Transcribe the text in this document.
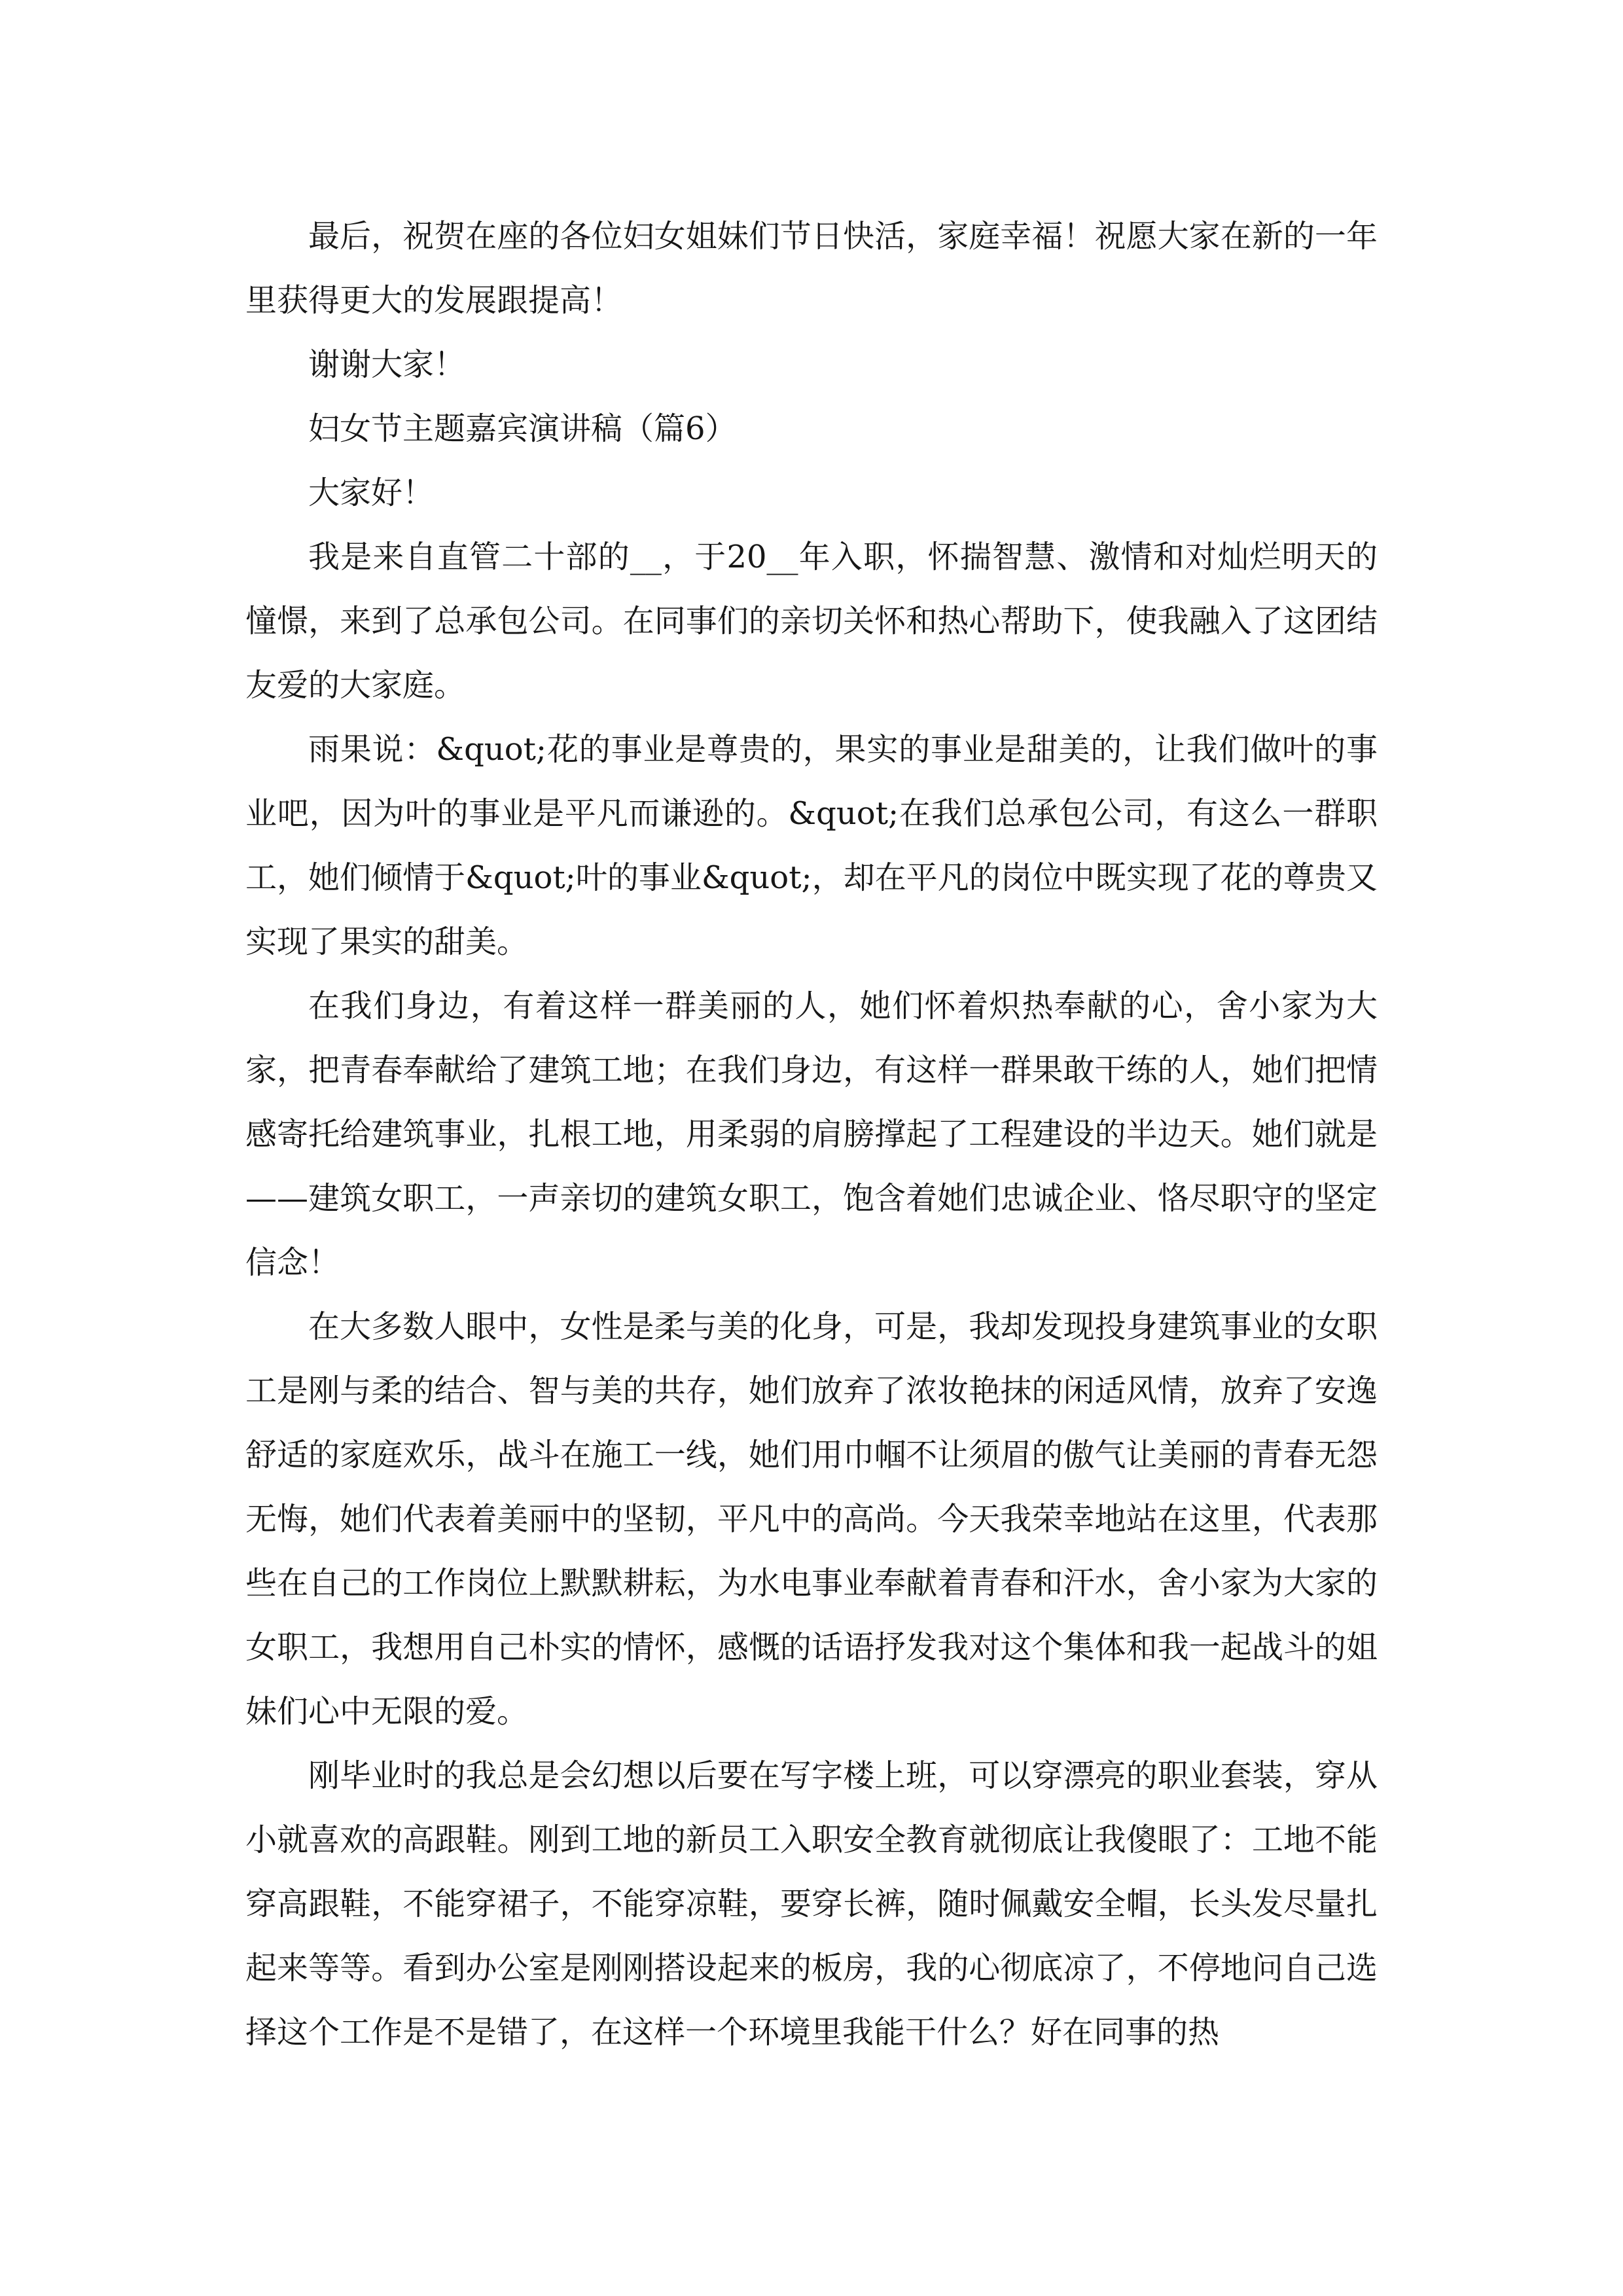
最后，祝贺在座的各位妇女姐妹们节日快活，家庭幸福！祝愿大家在新的一年里获得更大的发展跟提高！

谢谢大家！

妇女节主题嘉宾演讲稿（篇6）

大家好！

我是来自直管二十部的__，于20__年入职，怀揣智慧、激情和对灿烂明天的憧憬，来到了总承包公司。在同事们的亲切关怀和热心帮助下，使我融入了这团结友爱的大家庭。

雨果说：&quot;花的事业是尊贵的，果实的事业是甜美的，让我们做叶的事业吧，因为叶的事业是平凡而谦逊的。&quot;在我们总承包公司，有这么一群职工，她们倾情于&quot;叶的事业&quot;，却在平凡的岗位中既实现了花的尊贵又实现了果实的甜美。

在我们身边，有着这样一群美丽的人，她们怀着炽热奉献的心，舍小家为大家，把青春奉献给了建筑工地；在我们身边，有这样一群果敢干练的人，她们把情感寄托给建筑事业，扎根工地，用柔弱的肩膀撑起了工程建设的半边天。她们就是——建筑女职工，一声亲切的建筑女职工，饱含着她们忠诚企业、恪尽职守的坚定信念！

在大多数人眼中，女性是柔与美的化身，可是，我却发现投身建筑事业的女职工是刚与柔的结合、智与美的共存，她们放弃了浓妆艳抹的闲适风情，放弃了安逸舒适的家庭欢乐，战斗在施工一线，她们用巾帼不让须眉的傲气让美丽的青春无怨无悔，她们代表着美丽中的坚韧，平凡中的高尚。今天我荣幸地站在这里，代表那些在自己的工作岗位上默默耕耘，为水电事业奉献着青春和汗水，舍小家为大家的女职工，我想用自己朴实的情怀，感慨的话语抒发我对这个集体和我一起战斗的姐妹们心中无限的爱。

刚毕业时的我总是会幻想以后要在写字楼上班，可以穿漂亮的职业套装，穿从小就喜欢的高跟鞋。刚到工地的新员工入职安全教育就彻底让我傻眼了：工地不能穿高跟鞋，不能穿裙子，不能穿凉鞋，要穿长裤，随时佩戴安全帽，长头发尽量扎起来等等。看到办公室是刚刚搭设起来的板房，我的心彻底凉了，不停地问自己选择这个工作是不是错了，在这样一个环境里我能干什么？好在同事的热
